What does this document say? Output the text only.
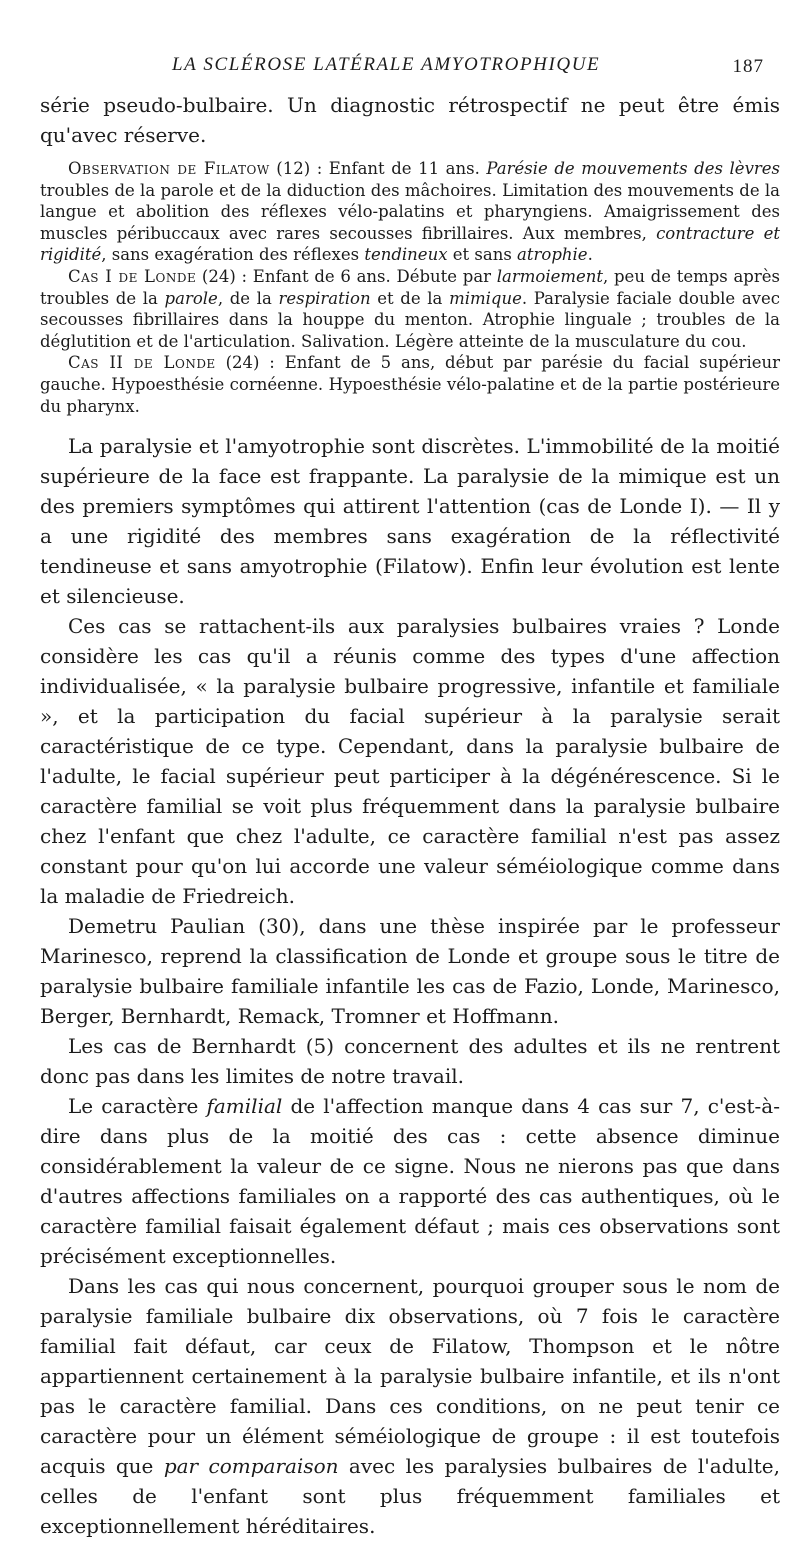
LA SCLÉROSE LATÉRALE AMYOTROPHIQUE	187

série pseudo-bulbaire. Un diagnostic rétrospectif ne peut être émis qu'avec réserve.

Observation de Filatow (12) : Enfant de 11 ans. Parésie de mouvements des lèvres troubles de la parole et de la diduction des mâchoires. Limitation des mouvements de la langue et abolition des réflexes vélo-palatins et pharyngiens. Amaigrissement des muscles péribuccaux avec rares secousses fibrillaires. Aux membres, contracture et rigidité, sans exagération des réflexes tendineux et sans atrophie.

Cas I de Londe (24) : Enfant de 6 ans. Débute par larmoiement, peu de temps après troubles de la parole, de la respiration et de la mimique. Paralysie faciale double avec secousses fibrillaires dans la houppe du menton. Atrophie linguale ; troubles de la déglutition et de l'articulation. Salivation. Légère atteinte de la musculature du cou.

Cas II de Londe (24) : Enfant de 5 ans, début par parésie du facial supérieur gauche. Hypoesthésie cornéenne. Hypoesthésie vélo-palatine et de la partie postérieure du pharynx.

La paralysie et l'amyotrophie sont discrètes. L'immobilité de la moitié supérieure de la face est frappante. La paralysie de la mimique est un des premiers symptômes qui attirent l'attention (cas de Londe I). — Il y a une rigidité des membres sans exagération de la réflectivité tendineuse et sans amyotrophie (Filatow). Enfin leur évolution est lente et silencieuse.

Ces cas se rattachent-ils aux paralysies bulbaires vraies ? Londe considère les cas qu'il a réunis comme des types d'une affection individualisée, « la paralysie bulbaire progressive, infantile et familiale », et la participation du facial supérieur à la paralysie serait caractéristique de ce type. Cependant, dans la paralysie bulbaire de l'adulte, le facial supérieur peut participer à la dégénérescence. Si le caractère familial se voit plus fréquemment dans la paralysie bulbaire chez l'enfant que chez l'adulte, ce caractère familial n'est pas assez constant pour qu'on lui accorde une valeur séméiologique comme dans la maladie de Friedreich.

Demetru Paulian (30), dans une thèse inspirée par le professeur Marinesco, reprend la classification de Londe et groupe sous le titre de paralysie bulbaire familiale infantile les cas de Fazio, Londe, Marinesco, Berger, Bernhardt, Remack, Tromner et Hoffmann.

Les cas de Bernhardt (5) concernent des adultes et ils ne rentrent donc pas dans les limites de notre travail.

Le caractère familial de l'affection manque dans 4 cas sur 7, c'est-à-dire dans plus de la moitié des cas : cette absence diminue considérablement la valeur de ce signe. Nous ne nierons pas que dans d'autres affections familiales on a rapporté des cas authentiques, où le caractère familial faisait également défaut ; mais ces observations sont précisément exceptionnelles.

Dans les cas qui nous concernent, pourquoi grouper sous le nom de paralysie familiale bulbaire dix observations, où 7 fois le caractère familial fait défaut, car ceux de Filatow, Thompson et le nôtre appartiennent certainement à la paralysie bulbaire infantile, et ils n'ont pas le caractère familial. Dans ces conditions, on ne peut tenir ce caractère pour un élément séméiologique de groupe : il est toutefois acquis que par comparaison avec les paralysies bulbaires de l'adulte, celles de l'enfant sont plus fréquemment familiales et exceptionnellement héréditaires.
